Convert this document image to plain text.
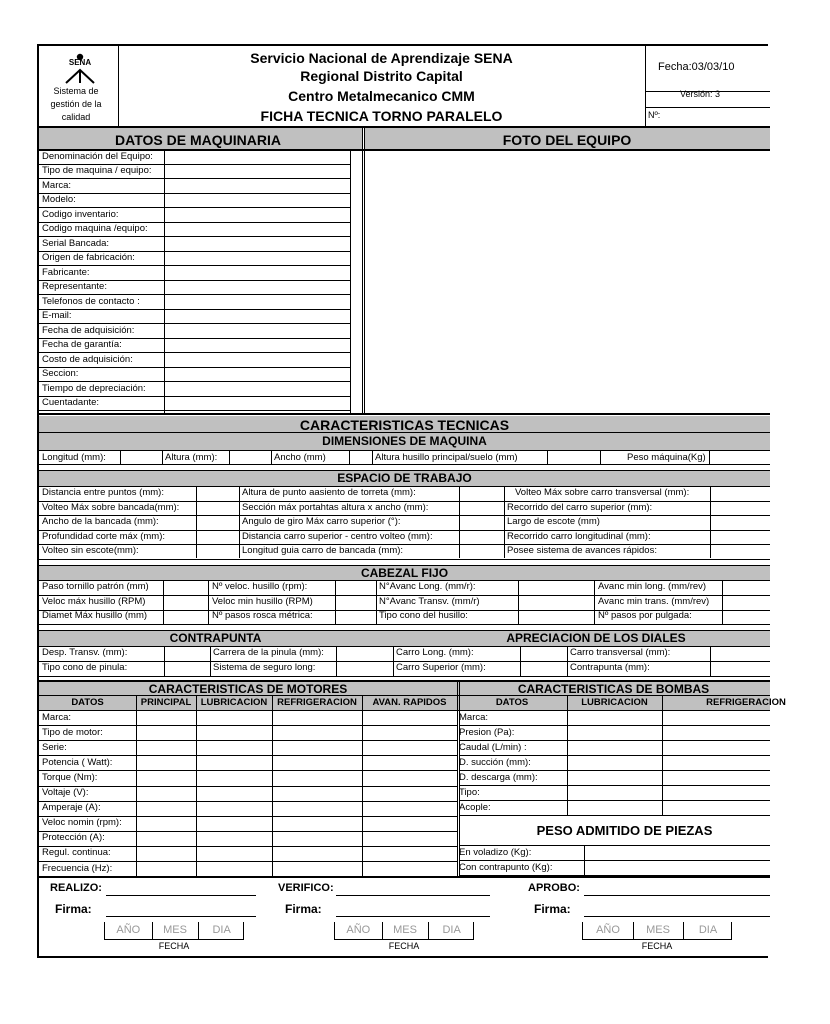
SENA
Sistema de
gestión de la
calidad
Servicio Nacional de Aprendizaje SENA
Regional Distrito Capital
Centro Metalmecanico CMM
FICHA TECNICA TORNO PARALELO
Fecha:03/03/10
Versión: 3
Nº:
DATOS DE MAQUINARIA	FOTO DEL EQUIPO
Denominación del Equipo:
Tipo de maquina / equipo:
Marca:
Modelo:
Codigo inventario:
Codigo maquina /equipo:
Serial Bancada:
Origen de fabricación:
Fabricante:
Representante:
Telefonos de contacto :
E-mail:
Fecha de adquisición:
Fecha de garantía:
Costo de adquisición:
Seccion:
Tiempo de depreciación:
Cuentadante:
CARACTERISTICAS TECNICAS
DIMENSIONES DE MAQUINA
Longitud (mm):	Altura (mm):	Ancho (mm)	Altura husillo principal/suelo (mm)	Peso máquina(Kg)
ESPACIO DE TRABAJO
Distancia entre puntos (mm):	Altura de punto aasiento de torreta (mm):	Volteo Máx sobre carro transversal (mm):
Volteo Máx sobre bancada(mm):	Sección máx portahtas altura x ancho (mm):	Recorrido del carro superior (mm):
Ancho de la bancada (mm):	Angulo de giro Máx carro superior (°):	Largo de escote (mm)
Profundidad corte máx (mm):	Distancia carro superior - centro volteo (mm):	Recorrido carro longitudinal (mm):
Volteo sin escote(mm):	Longitud guia carro de bancada (mm):	Posee sistema de avances rápidos:
CABEZAL FIJO
Paso tornillo patrón (mm)	Nº veloc. husillo (rpm):	N°Avanc Long. (mm/r):	Avanc min long. (mm/rev)
Veloc máx husillo (RPM)	Veloc min husillo (RPM)	N°Avanc Transv. (mm/r)	Avanc min trans. (mm/rev)
Diamet Máx husillo (mm)	Nº pasos rosca métrica:	Tipo cono del husillo:	Nº pasos por pulgada:
CONTRAPUNTA	APRECIACION DE LOS DIALES
Desp. Transv. (mm):	Carrera de la pinula (mm):	Carro Long. (mm):	Carro transversal (mm):
Tipo cono de pinula:	Sistema de seguro long:	Carro Superior (mm):	Contrapunta (mm):
CARACTERISTICAS DE MOTORES	CARACTERISTICAS DE BOMBAS
DATOS	PRINCIPAL	LUBRICACION	REFRIGERACION	AVAN. RAPIDOS	DATOS	LUBRICACION	REFRIGERACION
Marca:
Tipo de motor:
Serie:
Potencia ( Watt):
Torque (Nm):
Voltaje (V):
Amperaje (A):
Veloc nomin (rpm):
Protección (A):
Regul. continua:
Frecuencia (Hz):
Marca:
Presion (Pa):
Caudal (L/min) :
D. succión (mm):
D. descarga (mm):
Tipo:
Acople:
PESO ADMITIDO DE PIEZAS
En voladizo (Kg):
Con contrapunto (Kg):
REALIZO:	VERIFICO:	APROBO:
Firma:	Firma:	Firma:
AÑO	MES	DIA
FECHA
AÑO	MES	DIA
FECHA
AÑO	MES	DIA
FECHA
